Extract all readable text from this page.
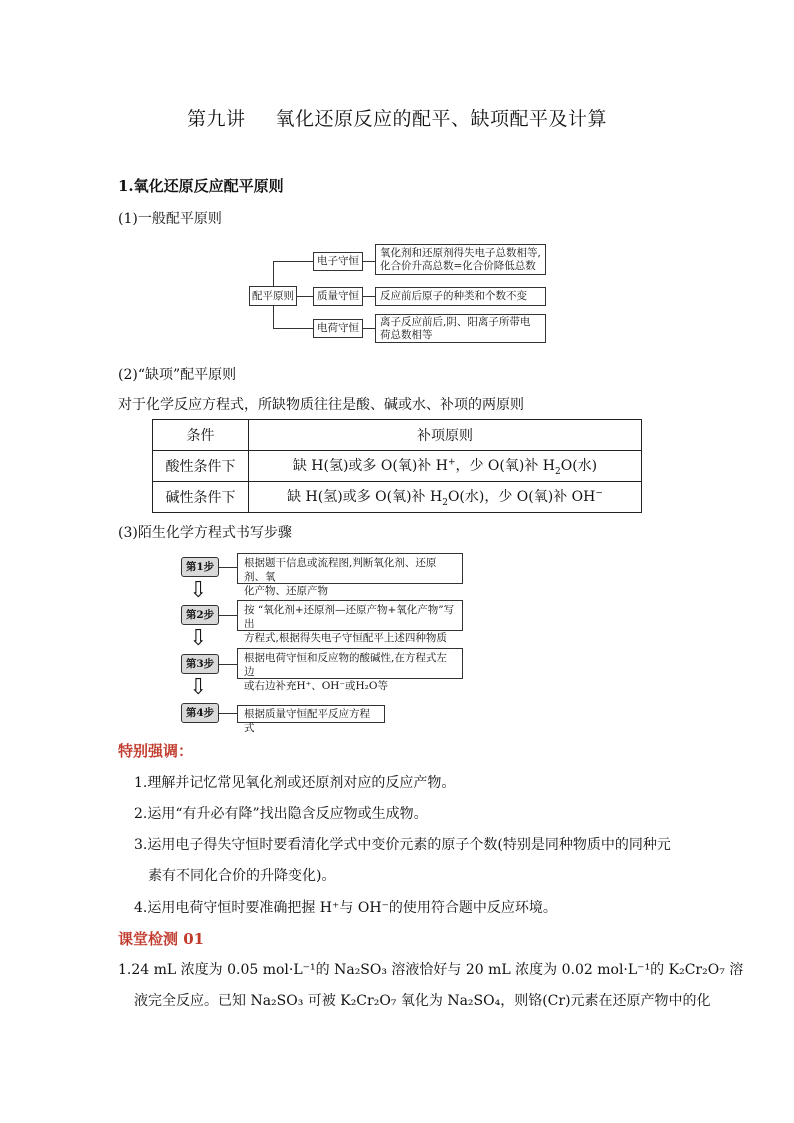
第九讲 氧化还原反应的配平、缺项配平及计算
1.氧化还原反应配平原则
(1)一般配平原则
配平原则
电子守恒
质量守恒
电荷守恒
氧化剂和还原剂得失电子总数相等,
化合价升高总数=化合价降低总数
反应前后原子的种类和个数不变
离子反应前后,阴、阳离子所带电
荷总数相等
(2)“缺项”配平原则
对于化学反应方程式，所缺物质往往是酸、碱或水、补项的两原则
条件	补项原则
酸性条件下	缺 H(氢)或多 O(氧)补 H+，少 O(氧)补 $H_2O$(水)
碱性条件下	缺 H(氢)或多 O(氧)补 $H_2O$(水)，少 O(氧)补 OH−
(3)陌生化学方程式书写步骤
第1步	根据题干信息或流程图,判断氧化剂、还原剂、氧
化产物、还原产物
⇩
第2步	按 “氧化剂+还原剂—还原产物+氧化产物”写出
方程式,根据得失电子守恒配平上述四种物质
⇩
第3步	根据电荷守恒和反应物的酸碱性,在方程式左边
或右边补充H⁺、OH⁻或H₂O等
⇩
第4步	根据质量守恒配平反应方程式
特别强调：
1.理解并记忆常见氧化剂或还原剂对应的反应产物。
2.运用“有升必有降”找出隐含反应物或生成物。
3.运用电子得失守恒时要看清化学式中变价元素的原子个数(特别是同种物质中的同种元
素有不同化合价的升降变化)。
4.运用电荷守恒时要准确把握 H⁺与 OH⁻的使用符合题中反应环境。
课堂检测 01
1.24 mL 浓度为 0.05 mol·L⁻¹的 Na₂SO₃ 溶液恰好与 20 mL 浓度为 0.02 mol·L⁻¹的 K₂Cr₂O₇ 溶
液完全反应。已知 Na₂SO₃ 可被 K₂Cr₂O₇ 氧化为 Na₂SO₄，则铬(Cr)元素在还原产物中的化
